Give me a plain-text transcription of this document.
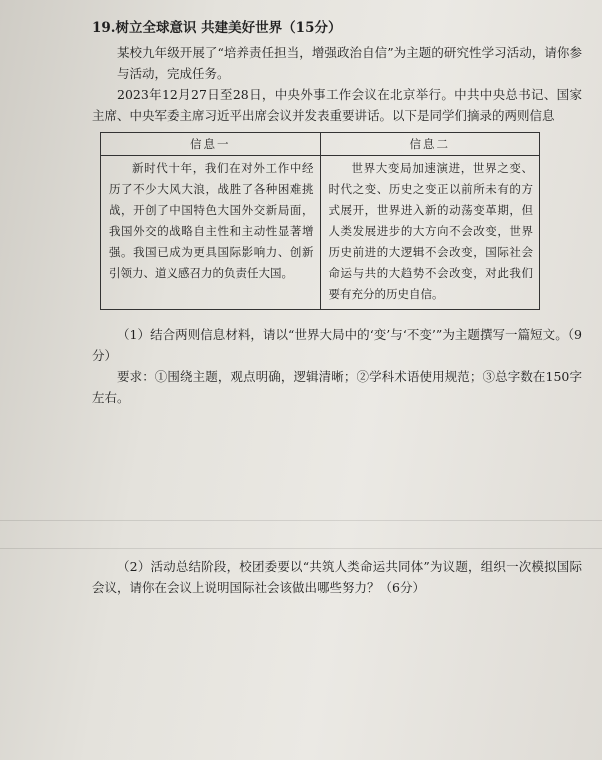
19.树立全球意识 共建美好世界（15分）

某校九年级开展了“培养责任担当，增强政治自信”为主题的研究性学习活动，请你参与活动，完成任务。

2023年12月27日至28日，中央外事工作会议在北京举行。中共中央总书记、国家主席、中央军委主席习近平出席会议并发表重要讲话。以下是同学们摘录的两则信息

信息一	信息二
新时代十年，我们在对外工作中经历了不少大风大浪，战胜了各种困难挑战，开创了中国特色大国外交新局面，我国外交的战略自主性和主动性显著增强。我国已成为更具国际影响力、创新引领力、道义感召力的负责任大国。	世界大变局加速演进，世界之变、时代之变、历史之变正以前所未有的方式展开，世界进入新的动荡变革期，但人类发展进步的大方向不会改变，世界历史前进的大逻辑不会改变，国际社会命运与共的大趋势不会改变，对此我们要有充分的历史自信。

（1）结合两则信息材料，请以“世界大局中的‘变’与‘不变’”为主题撰写一篇短文。（9分）

要求：①围绕主题，观点明确，逻辑清晰；②学科术语使用规范；③总字数在150字左右。

（2）活动总结阶段，校团委要以“共筑人类命运共同体”为议题，组织一次模拟国际会议，请你在会议上说明国际社会该做出哪些努力？（6分）
